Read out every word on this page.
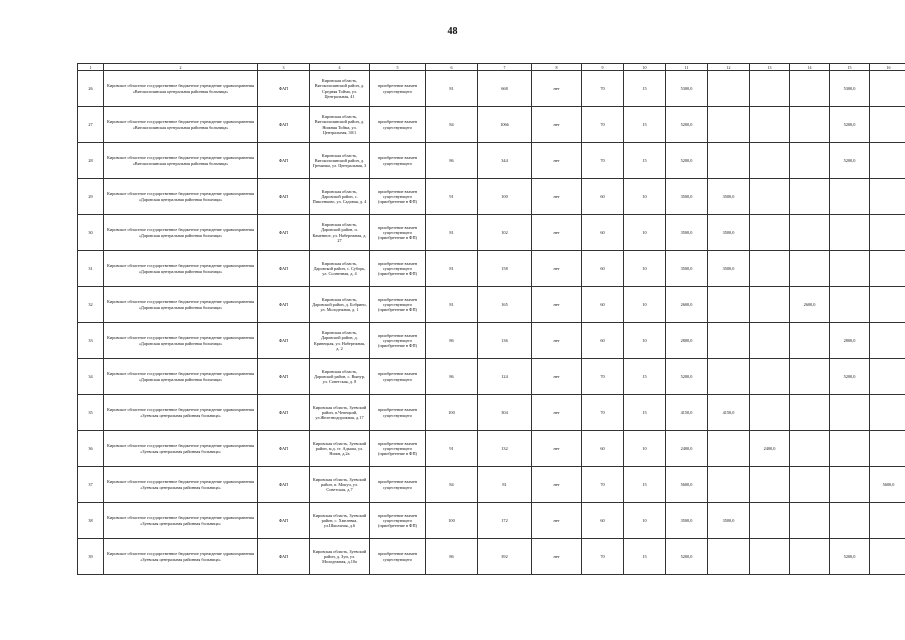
48
1	2	3	4	5	6	7	8	9	10	11	12	13	14	15	16
26	Кировское областное государственное бюджетное учреждение здравоохранения «Вятскополянская центральная районная больница»	ФАП	Кировская область, Вятскополянский район, д. Средняя Тойма, ул. Центральная, 41	приобретение взамен существующего	81	668	нет	70	15	5300,0				5300,0	
27	Кировское областное государственное бюджетное учреждение здравоохранения «Вятскополянская центральная районная больница»	ФАП	Кировская область, Вятскополянский район, д. Нижняя Тойма, ул. Центральная, 30/1	приобретение взамен существующего	84	1066	нет	70	15	5200,0				5200,0	
28	Кировское областное государственное бюджетное учреждение здравоохранения «Вятскополянская центральная районная больница»	ФАП	Кировская область, Вятскополянский район, д. Гремячка, ул. Центральная, 3	приобретение взамен существующего	86	344	нет	70	15	5200,0				5200,0	
29	Кировское областное государственное бюджетное учреждение здравоохранения «Даровская центральная районная больница»	ФАП	Кировская область, Даровской район, с. Пиксенково, ул. Садовая, д. 4	приобретение взамен существующего (приобретение в ФП)	91	100	нет	60	10	3500,0	3500,0				
30	Кировское областное государственное бюджетное учреждение здравоохранения «Даровская центральная районная больница»	ФАП	Кировская область, Даровской район, п. Каменное, ул. Набережная, д. 27	приобретение взамен существующего (приобретение в ФП)	81	102	нет	60	10	3500,0	3500,0				
31	Кировское областное государственное бюджетное учреждение здравоохранения «Даровская центральная районная больница»	ФАП	Кировская область, Даровской район, с. Суборь, ул. Солнечная, д. 4	приобретение взамен существующего (приобретение в ФП)	81	158	нет	60	10	3500,0	3500,0				
32	Кировское областное государственное бюджетное учреждение здравоохранения «Даровская центральная районная больница»	ФАП	Кировская область, Даровской район, д. Бобрино, ул. Молодежная, д. 1	приобретение взамен существующего (приобретение в ФП)	81	165	нет	60	10	2600,0			2600,0		
33	Кировское областное государственное бюджетное учреждение здравоохранения «Даровская центральная районная больница»	ФАП	Кировская область, Даровской район, д. Кривецкая, ул. Набережная, д. 2	приобретение взамен существующего (приобретение в ФП)	86	136	нет	60	10	2800,0				2800,0	
34	Кировское областное государственное бюджетное учреждение здравоохранения «Даровская центральная районная больница»	ФАП	Кировская область, Даровской район, с. Вынур, ул. Советская, д. 8	приобретение взамен существующего	86	124	нет	70	15	5200,0				5200,0	
35	Кировское областное государственное бюджетное учреждение здравоохранения «Зуевская центральная районная больница»	ФАП	Кировская область, Зуевский район, п.Чепецкий, ул.Железнодорожная, д.17	приобретение взамен существующего	100	304	нет	70	15	4150,0	4150,0				
36	Кировское областное государственное бюджетное учреждение здравоохранения «Зуевская центральная районная больница»	ФАП	Кировская область, Зуевский район, м.д. ст. Адыша, ул. Нижн, д.2а	приобретение взамен существующего (приобретение в ФП)	91	132	нет	60	10	2400,0		2400,0			
37	Кировское областное государственное бюджетное учреждение здравоохранения «Зуевская центральная районная больница»	ФАП	Кировская область, Зуевский район, п. Мокуч, ул. Советская, д.7	приобретение взамен существующего	84	81	нет	70	15	5600,0					5600,0
38	Кировское областное государственное бюджетное учреждение здравоохранения «Зуевская центральная районная больница»	ФАП	Кировская область, Зуевский район, с. Хмелевка, ул.Школьная, д.6	приобретение взамен существующего (приобретение в ФП)	100	172	нет	60	10	3500,0	3500,0				
39	Кировское областное государственное бюджетное учреждение здравоохранения «Зуевская центральная районная больница»	ФАП	Кировская область, Зуевский район, д. Зуи, ул. Молодежная, д.10а	приобретение взамен существующего	86	392	нет	70	15	5200,0				5200,0	
